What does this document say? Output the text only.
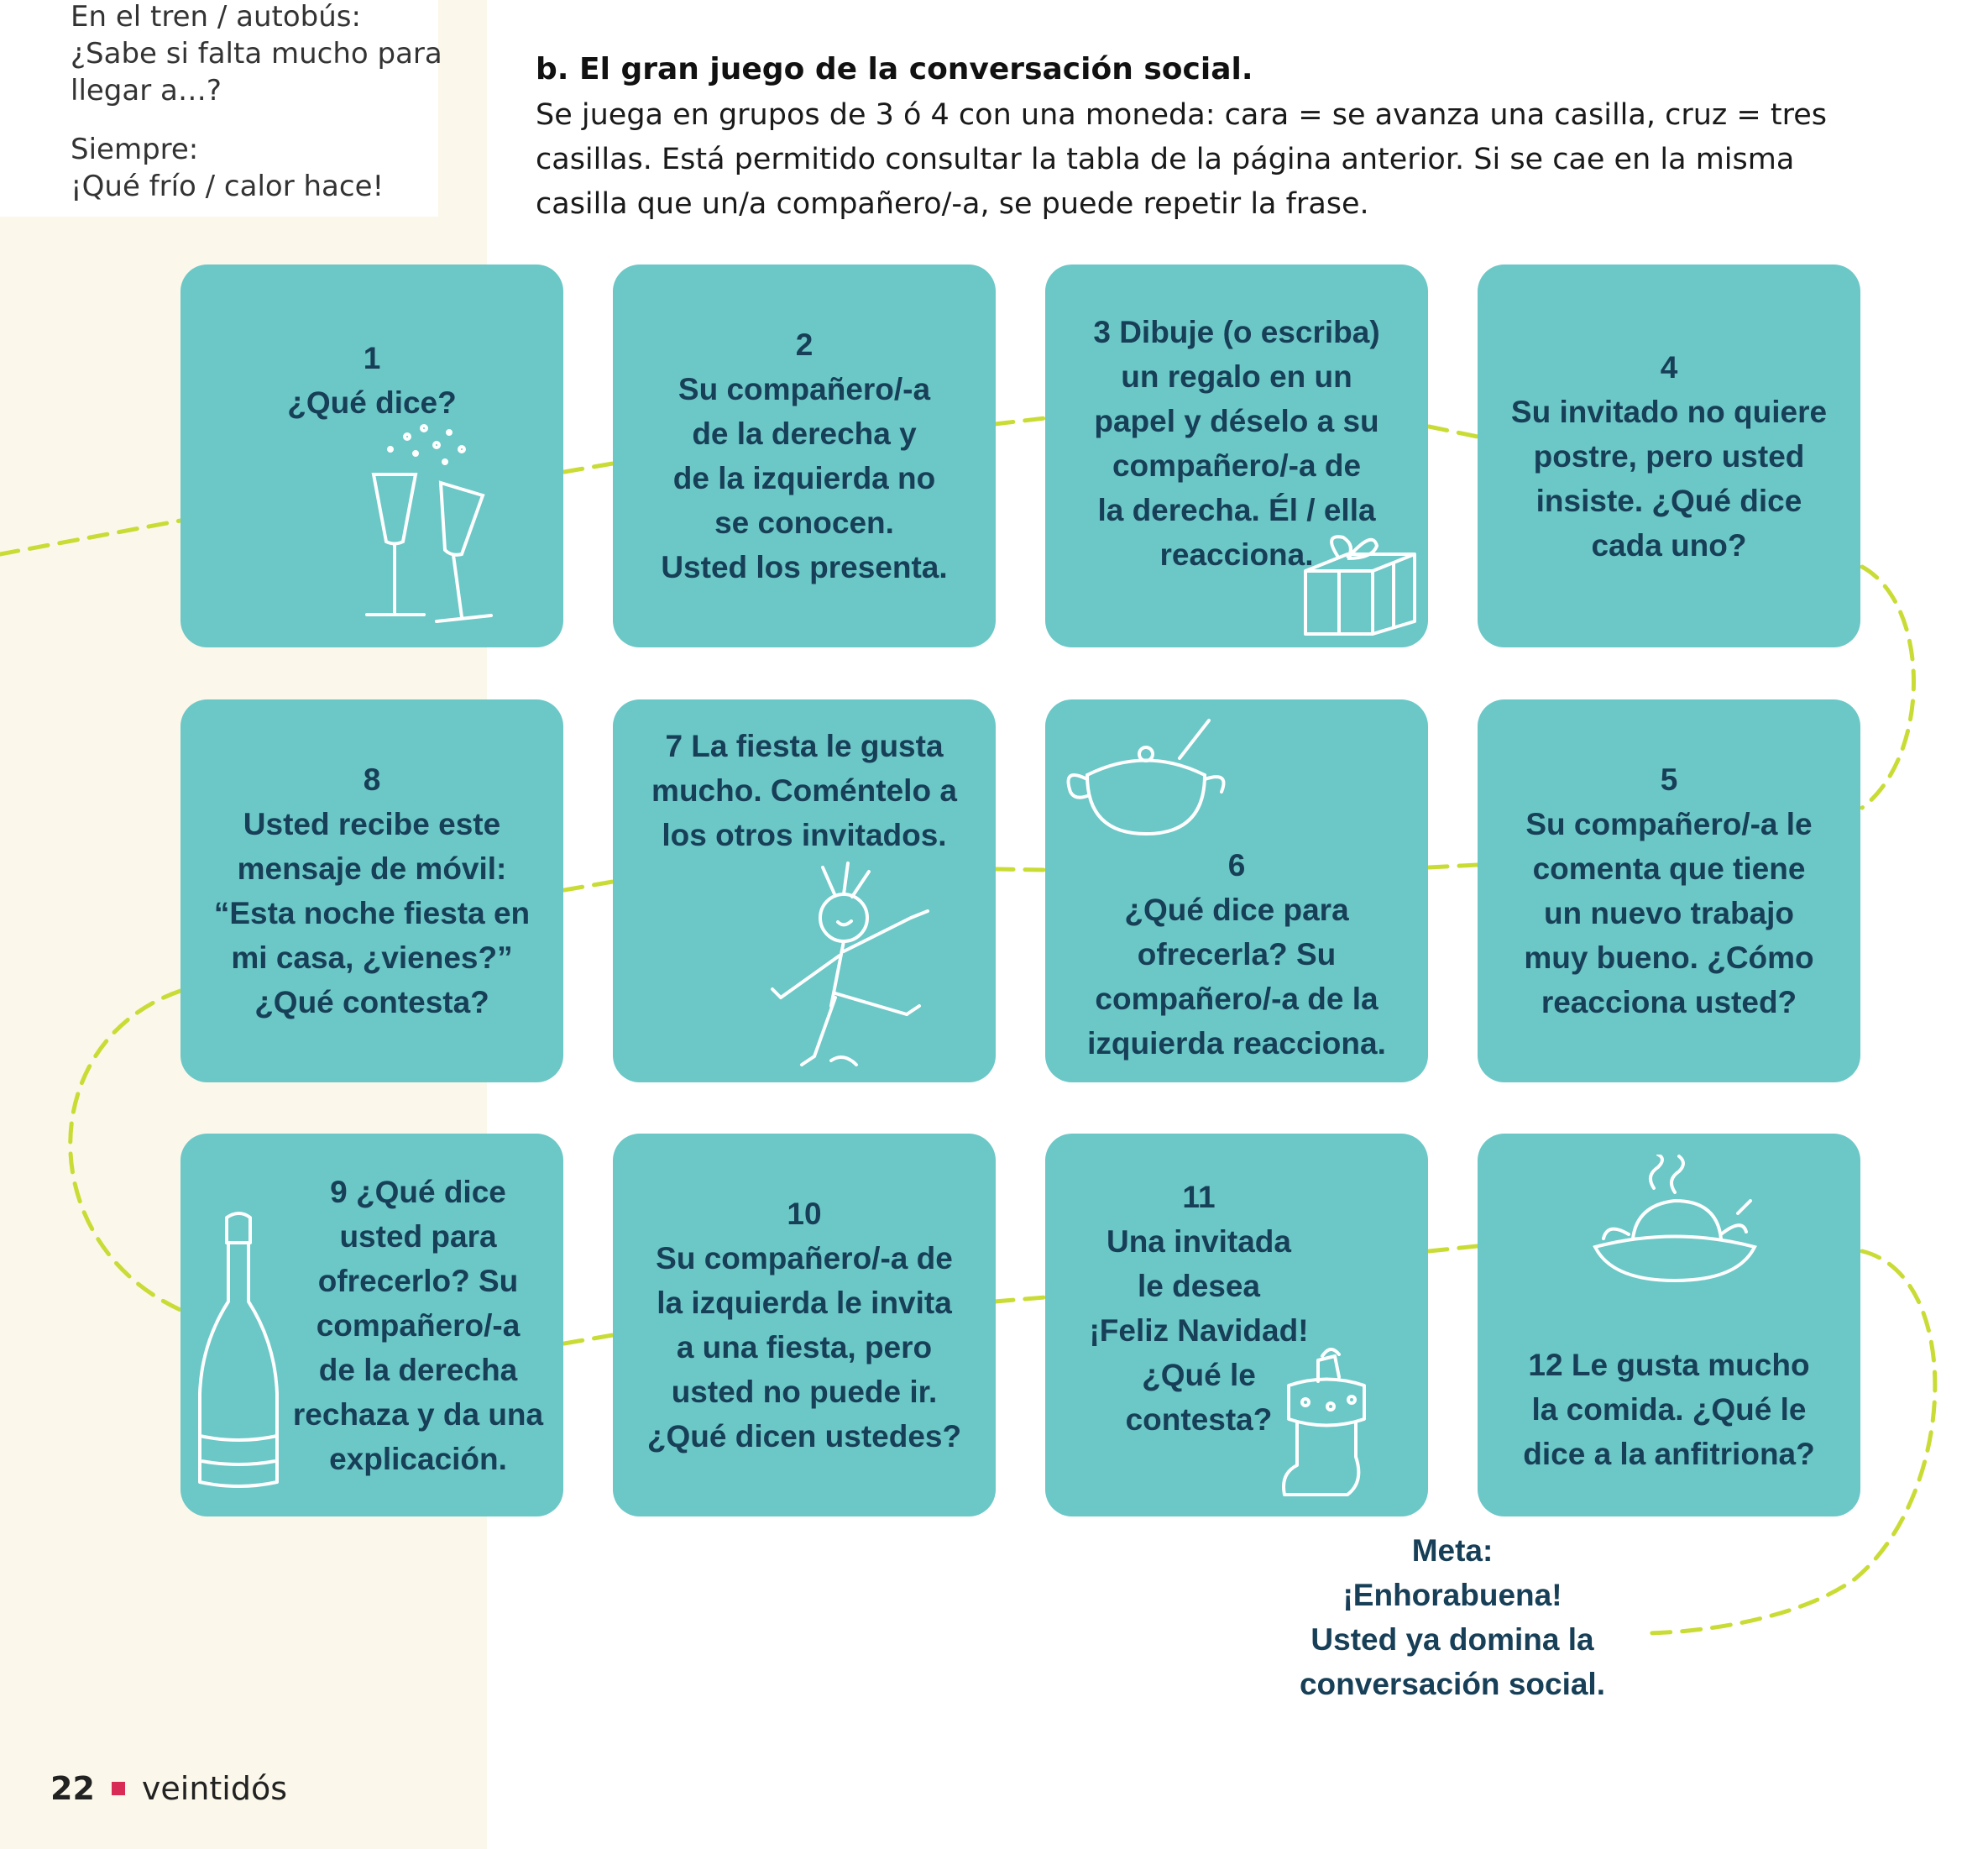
En el tren / autobús:
¿Sabe si falta mucho para
llegar a…?
Siempre:
¡Qué frío / calor hace!
b. El gran juego de la conversación social.
Se juega en grupos de 3 ó 4 con una moneda: cara = se avanza una casilla, cruz = tres
casillas. Está permitido consultar la tabla de la página anterior. Si se cae en la misma
casilla que un/a compañero/-a, se puede repetir la frase.
1
¿Qué dice?
2
Su compañero/-a
de la derecha y
de la izquierda no
se conocen.
Usted los presenta.
3 Dibuje (o escriba)
un regalo en un
papel y déselo a su
compañero/-a de
la derecha. Él / ella
reacciona.
4
Su invitado no quiere
postre, pero usted
insiste. ¿Qué dice
cada uno?
8
Usted recibe este
mensaje de móvil:
“Esta noche fiesta en
mi casa, ¿vienes?”
¿Qué contesta?
7 La fiesta le gusta
mucho. Coméntelo a
los otros invitados.
6
¿Qué dice para
ofrecerla? Su
compañero/-a de la
izquierda reacciona.
5
Su compañero/-a le
comenta que tiene
un nuevo trabajo
muy bueno. ¿Cómo
reacciona usted?
9 ¿Qué dice
usted para
ofrecerlo? Su
compañero/-a
de la derecha
rechaza y da una
explicación.
10
Su compañero/-a de
la izquierda le invita
a una fiesta, pero
usted no puede ir.
¿Qué dicen ustedes?
11
Una invitada
le desea
¡Feliz Navidad!
¿Qué le
contesta?
12 Le gusta mucho
la comida. ¿Qué le
dice a la anfitriona?
Meta:
¡Enhorabuena!
Usted ya domina la
conversación social.
22 veintidós
